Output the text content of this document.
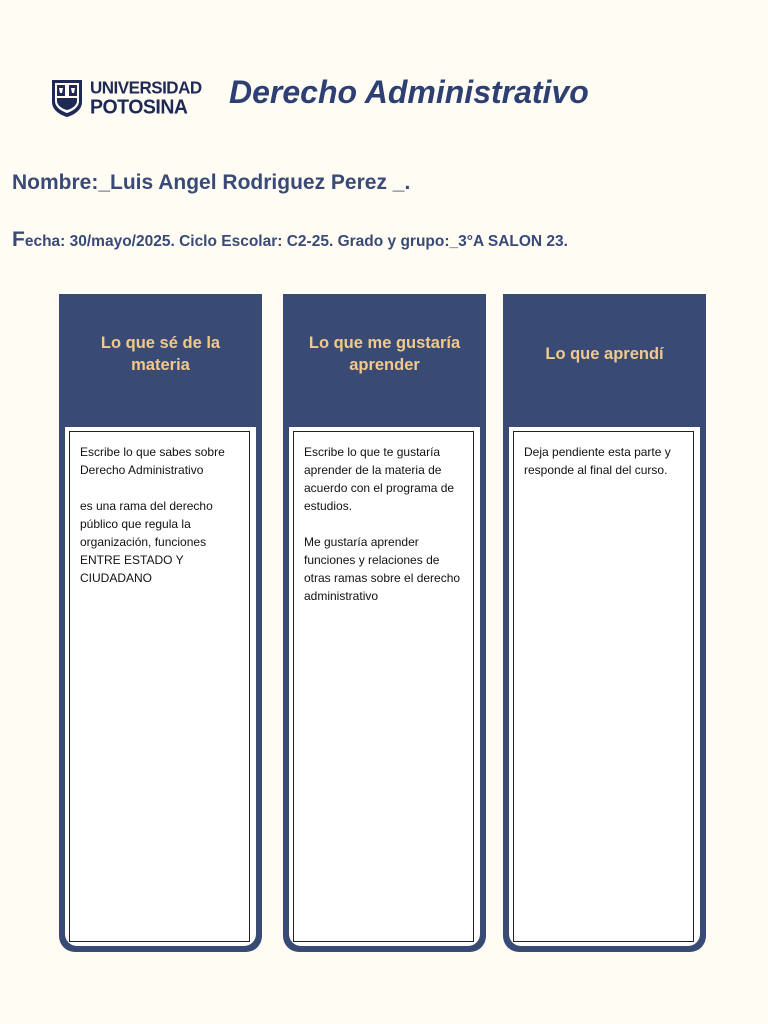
UNIVERSIDAD
POTOSINA Derecho Administrativo
Nombre:_Luis Angel Rodriguez Perez _.
Fecha: 30/mayo/2025. Ciclo Escolar: C2-25. Grado y grupo:_3°A SALON 23.
Lo que sé de la materia
Escribe lo que sabes sobre Derecho Administrativo

es una rama del derecho público que regula la organización, funciones ENTRE ESTADO Y CIUDADANO
Lo que me gustaría aprender
Escribe lo que te gustaría aprender de la materia de acuerdo con el programa de estudios.

Me gustaría aprender funciones y relaciones de otras ramas sobre el derecho administrativo
Lo que aprendí
Deja pendiente esta parte y responde al final del curso.
